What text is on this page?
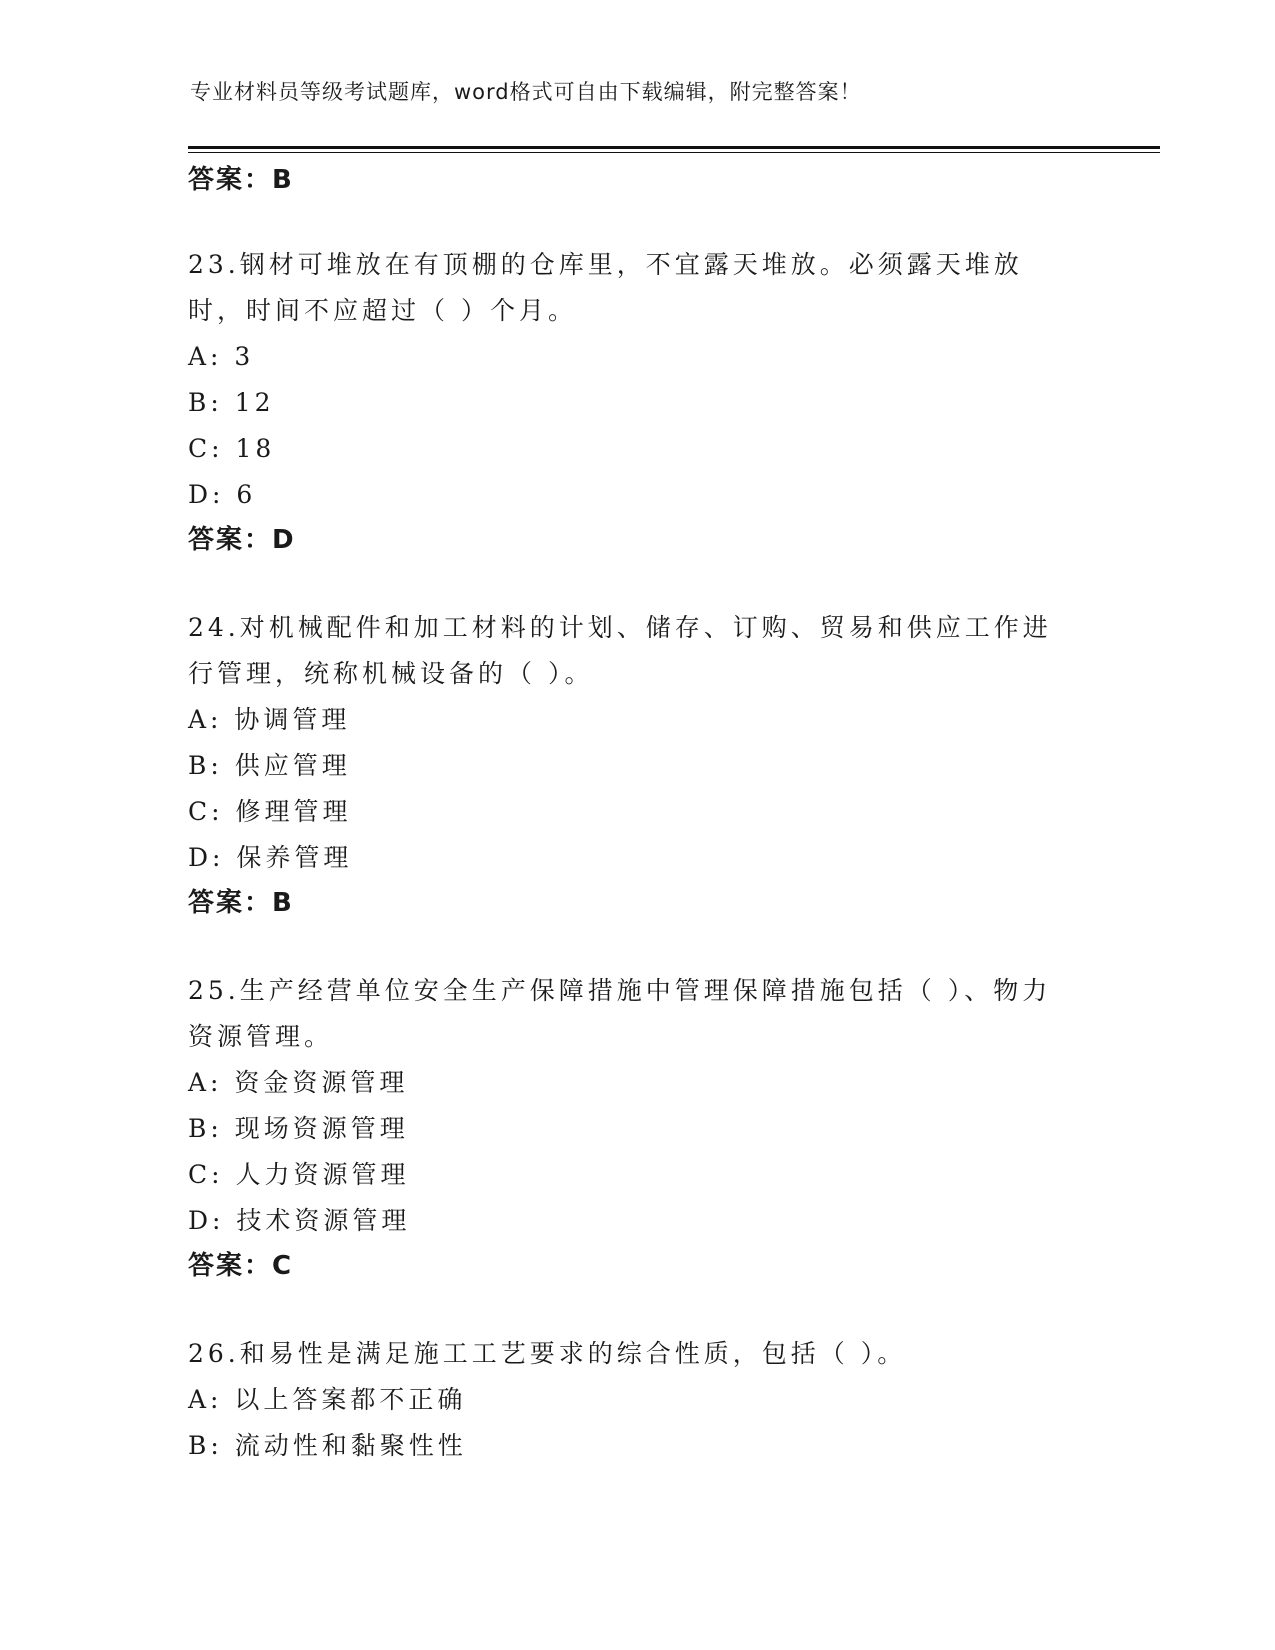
专业材料员等级考试题库，word格式可自由下载编辑，附完整答案！
答案：B
23.钢材可堆放在有顶棚的仓库里，不宜露天堆放。必须露天堆放时，时间不应超过（ ）个月。
A: 3
B: 12
C: 18
D: 6
答案：D
24.对机械配件和加工材料的计划、储存、订购、贸易和供应工作进行管理，统称机械设备的（ ）。
A: 协调管理
B: 供应管理
C: 修理管理
D: 保养管理
答案：B
25.生产经营单位安全生产保障措施中管理保障措施包括（ ）、物力资源管理。
A: 资金资源管理
B: 现场资源管理
C: 人力资源管理
D: 技术资源管理
答案：C
26.和易性是满足施工工艺要求的综合性质，包括（ ）。
A: 以上答案都不正确
B: 流动性和黏聚性性
